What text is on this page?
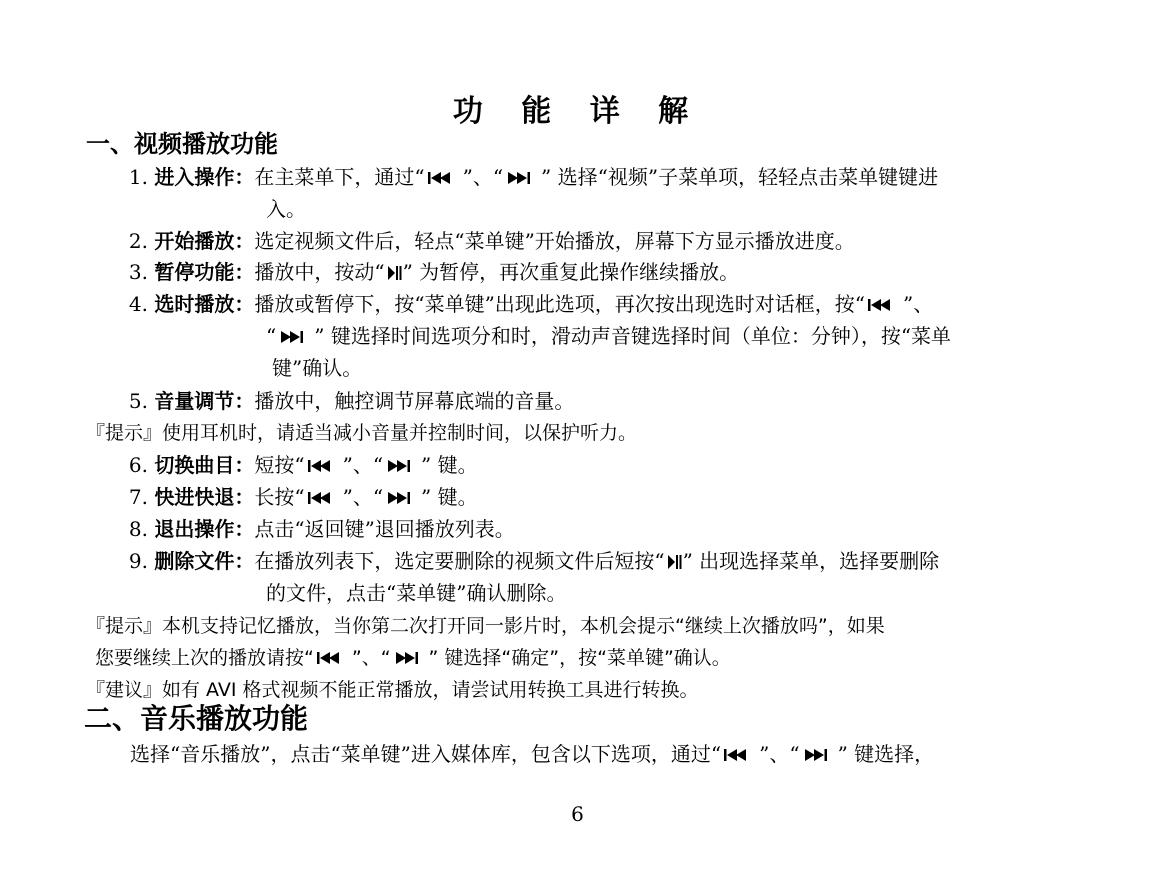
功 能 详 解
一、视频播放功能
1. 进入操作：在主菜单下，通过“ ”、“ ” 选择“视频”子菜单项，轻轻点击菜单键键进
入。
2. 开始播放：选定视频文件后，轻点“菜单键”开始播放，屏幕下方显示播放进度。
3. 暂停功能：播放中，按动“ ” 为暂停，再次重复此操作继续播放。
4. 选时播放：播放或暂停下，按“菜单键”出现此选项，再次按出现选时对话框，按“ ”、
“ ” 键选择时间选项分和时，滑动声音键选择时间（单位：分钟），按“菜单
键”确认。
5. 音量调节：播放中，触控调节屏幕底端的音量。
『提示』使用耳机时，请适当减小音量并控制时间，以保护听力。
6. 切换曲目：短按“ ”、“ ” 键。
7. 快进快退：长按“ ”、“ ” 键。
8. 退出操作：点击“返回键”退回播放列表。
9. 删除文件：在播放列表下，选定要删除的视频文件后短按“ ” 出现选择菜单，选择要删除
的文件，点击“菜单键”确认删除。
『提示』本机支持记忆播放，当你第二次打开同一影片时，本机会提示“继续上次播放吗”，如果
您要继续上次的播放请按“ ”、“ ” 键选择“确定”，按“菜单键”确认。
『建议』如有 AVI 格式视频不能正常播放，请尝试用转换工具进行转换。
二、音乐播放功能
选择“音乐播放”，点击“菜单键”进入媒体库，包含以下选项，通过“ ”、“ ” 键选择，
6
